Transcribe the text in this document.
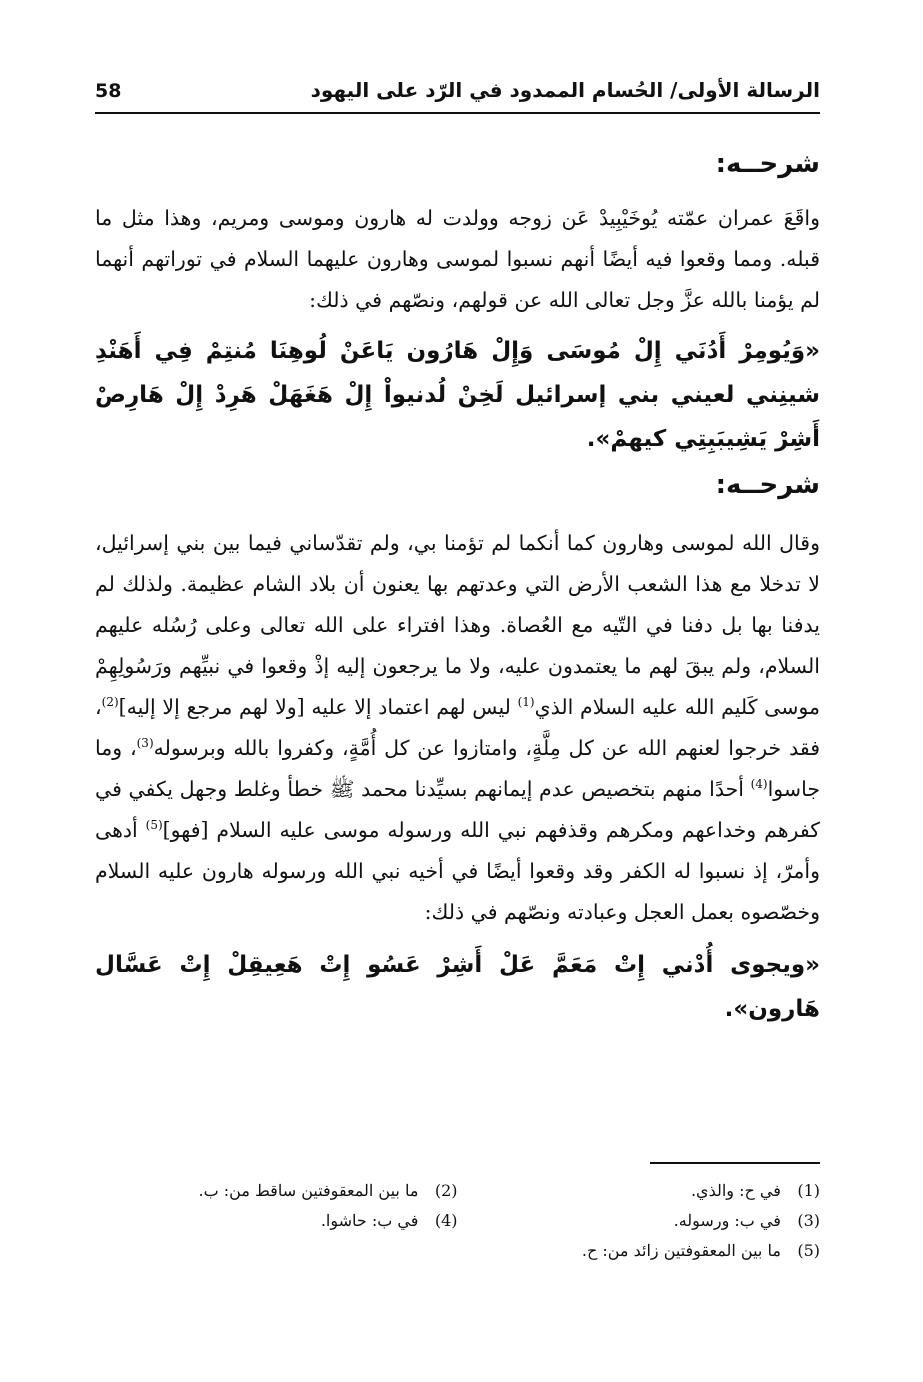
الرسالة الأولى/ الحُسام الممدود في الرّد على اليهود
58
شرحــه:

واقَعَ عمران عمّته يُوخَيْبِيدْ عَن زوجه وولدت له هارون وموسى ومريم، وهذا مثل ما قبله. ومما وقعوا فيه أيضًا أنهم نسبوا لموسى وهارون عليهما السلام في توراتهم أنهما لم يؤمنا بالله عزَّ وجل تعالى الله عن قولهم، ونصّهم في ذلك:

«وَيُومِرْ أَدُنَي إِلْ مُوسَى وَإِلْ هَارُون يَاعَنْ لُوهِنَا مُنتِمْ فِي أَهَنْدِ شينِني لعيني بني إسرائيل لَخِنْ لُدنيواْ إِلْ هَغَهَلْ هَرِدْ إِلْ هَارِصْ أَشِرْ يَشِيبَبِتِي كيهمْ».

شرحــه:

وقال الله لموسى وهارون كما أنكما لم تؤمنا بي، ولم تقدّساني فيما بين بني إسرائيل، لا تدخلا مع هذا الشعب الأرض التي وعدتهم بها يعنون أن بلاد الشام عظيمة. ولذلك لم يدفنا بها بل دفنا في التّيه مع العُصاة. وهذا افتراء على الله تعالى وعلى رُسُله عليهم السلام، ولم يبقَ لهم ما يعتمدون عليه، ولا ما يرجعون إليه إذْ وقعوا في نبيِّهم ورَسُولِهِمْ موسى كَليم الله عليه السلام الذي$^{(1)}$ ليس لهم اعتماد إلا عليه [ولا لهم مرجع إلا إليه]$^{(2)}$، فقد خرجوا لعنهم الله عن كل مِلَّةٍ، وامتازوا عن كل أُمَّةٍ، وكفروا بالله وبرسوله$^{(3)}$، وما جاسوا$^{(4)}$ أحدًا منهم بتخصيص عدم إيمانهم بسيِّدنا محمد ﷺ خطأ وغلط وجهل يكفي في كفرهم وخداعهم ومكرهم وقذفهم نبي الله ورسوله موسى عليه السلام [فهو]$^{(5)}$ أدهى وأمرّ، إذ نسبوا له الكفر وقد وقعوا أيضًا في أخيه نبي الله ورسوله هارون عليه السلام وخصّصوه بعمل العجل وعبادته ونصّهم في ذلك:

«ويجوى أُدْني إِتْ مَعَمَّ عَلْ أَشِرْ عَسُو إِتْ هَعِيقِلْ إِتْ عَسَّال هَارون».

(1) في ح: والذي.
(2) ما بين المعقوفتين ساقط من: ب.
(3) في ب: ورسوله.
(4) في ب: حاشوا.
(5) ما بين المعقوفتين زائد من: ح.
